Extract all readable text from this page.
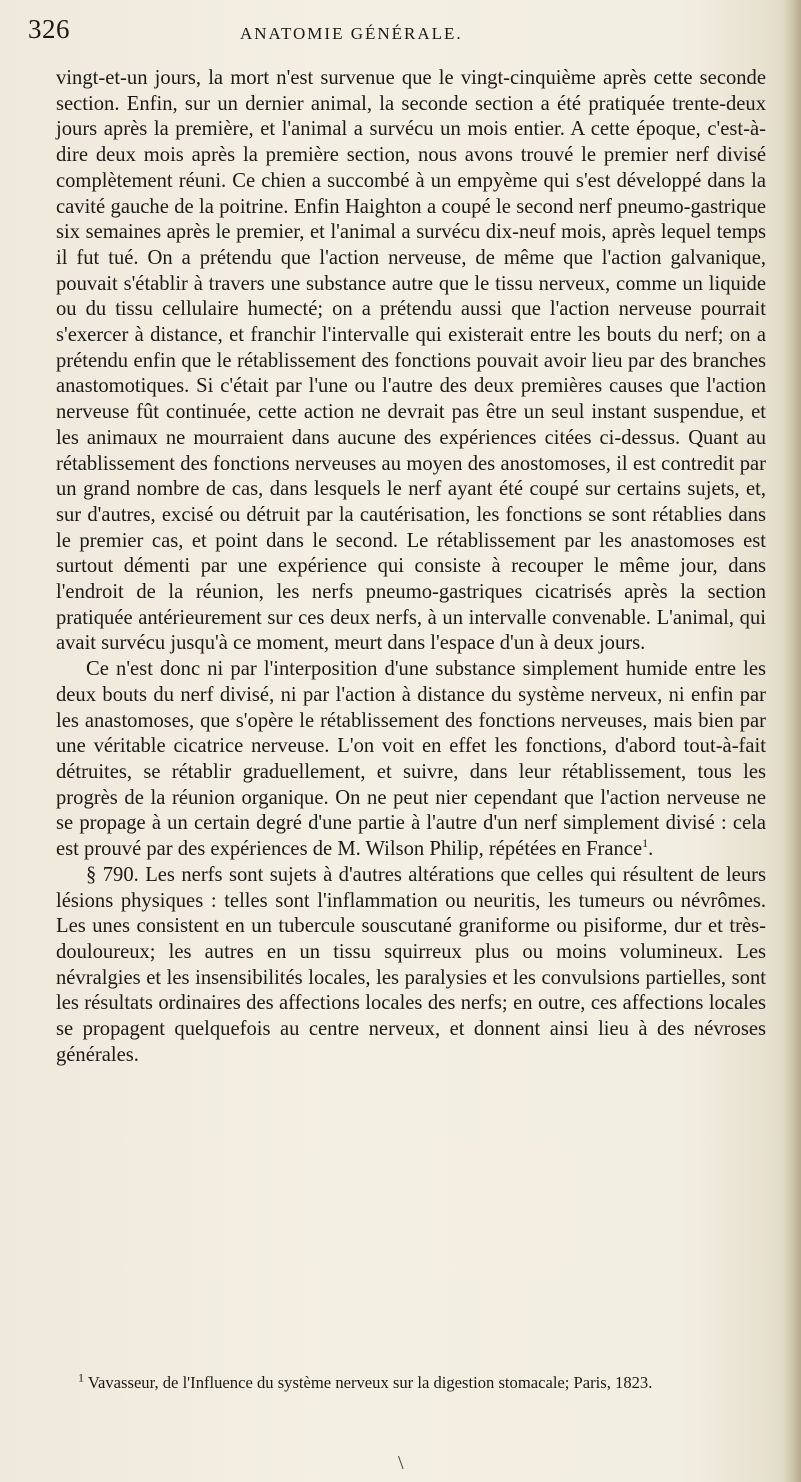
326	ANATOMIE GÉNÉRALE.

vingt-et-un jours, la mort n'est survenue que le vingt-cinquième après cette seconde section. Enfin, sur un dernier animal, la seconde section a été pratiquée trente-deux jours après la première, et l'animal a survécu un mois entier. A cette époque, c'est-à-dire deux mois après la première section, nous avons trouvé le premier nerf divisé complètement réuni. Ce chien a succombé à un empyème qui s'est développé dans la cavité gauche de la poitrine. Enfin Haighton a coupé le second nerf pneumo-gastrique six semaines après le premier, et l'animal a survécu dix-neuf mois, après lequel temps il fut tué. On a prétendu que l'action nerveuse, de même que l'action galvanique, pouvait s'établir à travers une substance autre que le tissu nerveux, comme un liquide ou du tissu cellulaire humecté; on a prétendu aussi que l'action nerveuse pourrait s'exercer à distance, et franchir l'intervalle qui existerait entre les bouts du nerf; on a prétendu enfin que le rétablissement des fonctions pouvait avoir lieu par des branches anastomotiques. Si c'était par l'une ou l'autre des deux premières causes que l'action nerveuse fût continuée, cette action ne devrait pas être un seul instant suspendue, et les animaux ne mourraient dans aucune des expériences citées ci-dessus. Quant au rétablissement des fonctions nerveuses au moyen des anostomoses, il est contredit par un grand nombre de cas, dans lesquels le nerf ayant été coupé sur certains sujets, et, sur d'autres, excisé ou détruit par la cautérisation, les fonctions se sont rétablies dans le premier cas, et point dans le second. Le rétablissement par les anastomoses est surtout démenti par une expérience qui consiste à recouper le même jour, dans l'endroit de la réunion, les nerfs pneumo-gastriques cicatrisés après la section pratiquée antérieurement sur ces deux nerfs, à un intervalle convenable. L'animal, qui avait survécu jusqu'à ce moment, meurt dans l'espace d'un à deux jours.

Ce n'est donc ni par l'interposition d'une substance simplement humide entre les deux bouts du nerf divisé, ni par l'action à distance du système nerveux, ni enfin par les anastomoses, que s'opère le rétablissement des fonctions nerveuses, mais bien par une véritable cicatrice nerveuse. L'on voit en effet les fonctions, d'abord tout-à-fait détruites, se rétablir graduellement, et suivre, dans leur rétablissement, tous les progrès de la réunion organique. On ne peut nier cependant que l'action nerveuse ne se propage à un certain degré d'une partie à l'autre d'un nerf simplement divisé : cela est prouvé par des expériences de M. Wilson Philip, répétées en France$^1$.

§ 790. Les nerfs sont sujets à d'autres altérations que celles qui résultent de leurs lésions physiques : telles sont l'inflammation ou neuritis, les tumeurs ou névrômes. Les unes consistent en un tubercule souscutané graniforme ou pisiforme, dur et très-douloureux; les autres en un tissu squirreux plus ou moins volumineux. Les névralgies et les insensibilités locales, les paralysies et les convulsions partielles, sont les résultats ordinaires des affections locales des nerfs; en outre, ces affections locales se propagent quelquefois au centre nerveux, et donnent ainsi lieu à des névroses générales.

$^1$ Vavasseur, de l'Influence du système nerveux sur la digestion stomacale; Paris, 1823.
\
